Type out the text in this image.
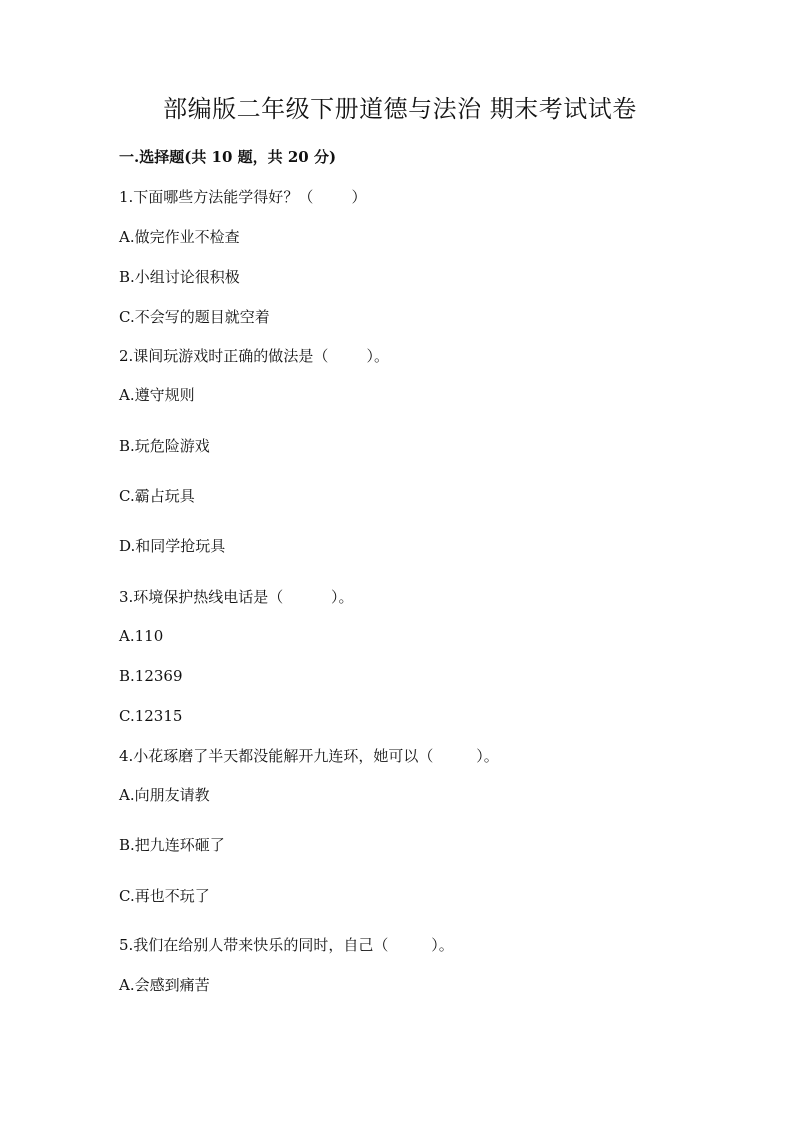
部编版二年级下册道德与法治 期末考试试卷
一.选择题(共 10 题，共 20 分)
1.下面哪些方法能学得好？（        ）
A.做完作业不检查
B.小组讨论很积极
C.不会写的题目就空着
2.课间玩游戏时正确的做法是（        ）。
A.遵守规则
B.玩危险游戏
C.霸占玩具
D.和同学抢玩具
3.环境保护热线电话是（          ）。
A.110
B.12369
C.12315
4.小花琢磨了半天都没能解开九连环，她可以（         ）。
A.向朋友请教
B.把九连环砸了
C.再也不玩了
5.我们在给别人带来快乐的同时，自己（         ）。
A.会感到痛苦
